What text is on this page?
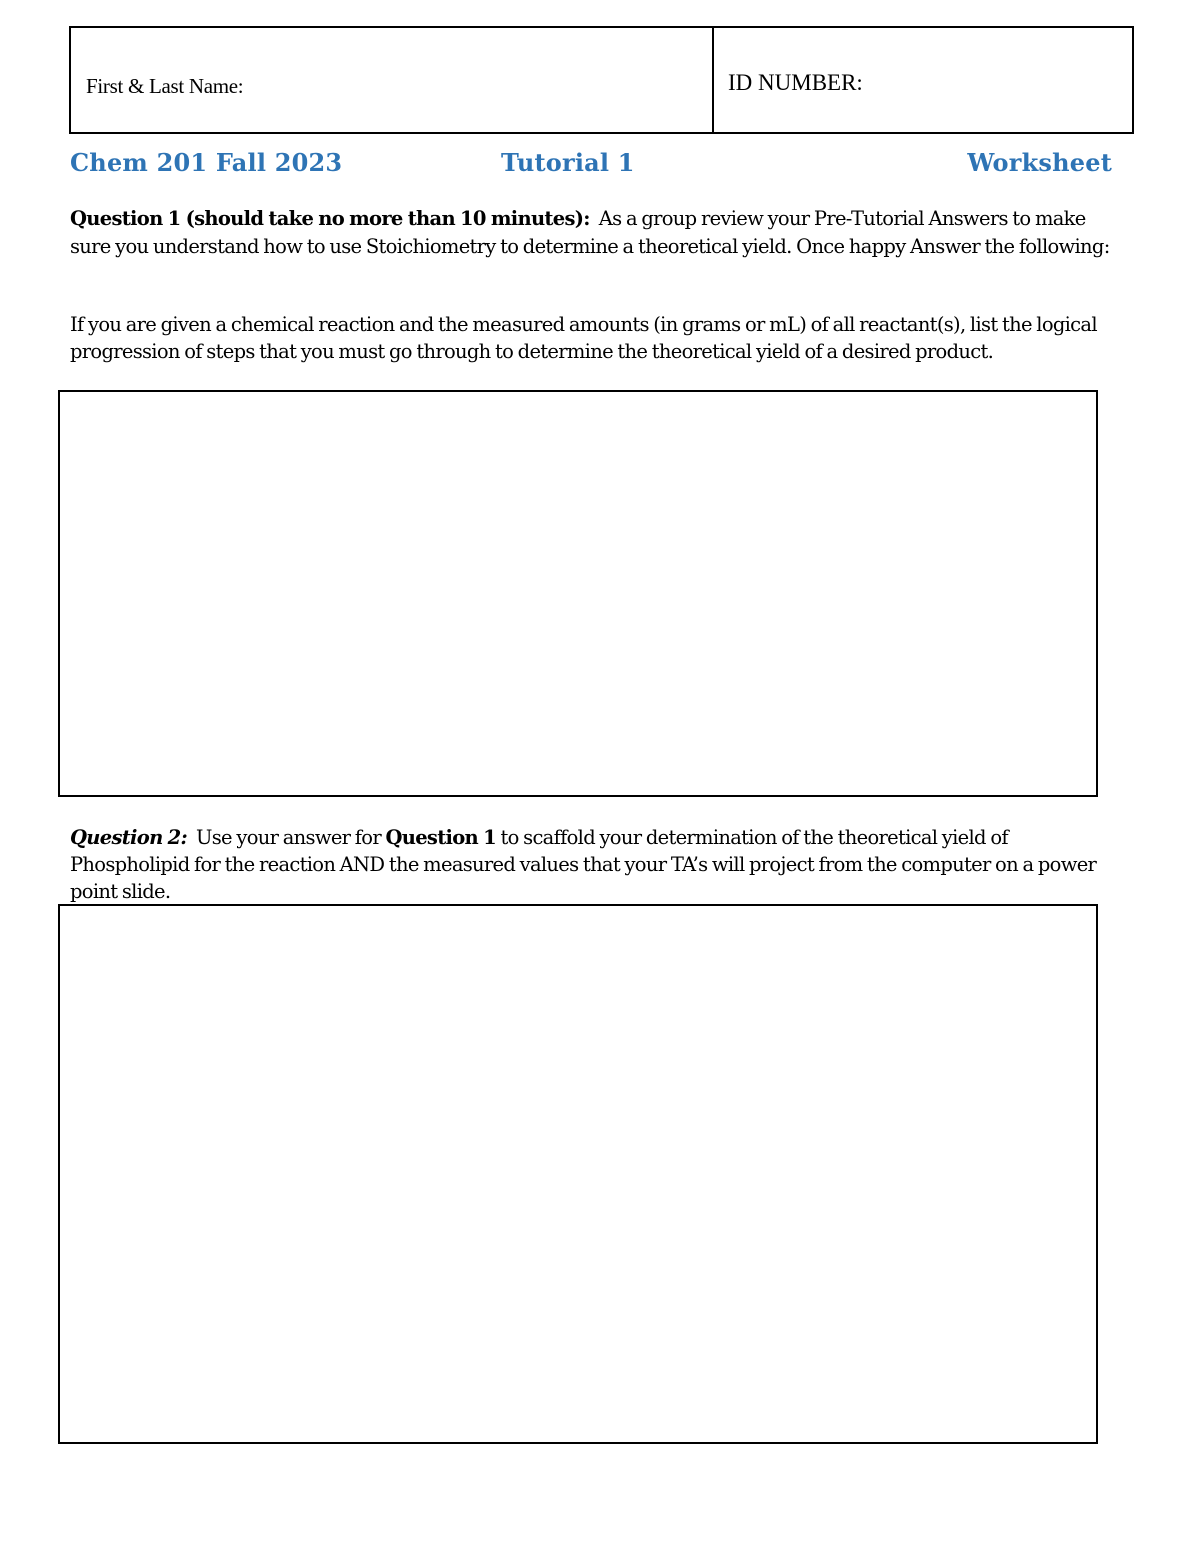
First & Last Name:	ID NUMBER:
Chem 201 Fall 2023	Tutorial 1	Worksheet
Question 1 (should take no more than 10 minutes): As a group review your Pre-Tutorial Answers to make sure you understand how to use Stoichiometry to determine a theoretical yield. Once happy Answer the following:
If you are given a chemical reaction and the measured amounts (in grams or mL) of all reactant(s), list the logical progression of steps that you must go through to determine the theoretical yield of a desired product.
Question 2: Use your answer for Question 1 to scaffold your determination of the theoretical yield of Phospholipid for the reaction AND the measured values that your TA’s will project from the computer on a power point slide.
